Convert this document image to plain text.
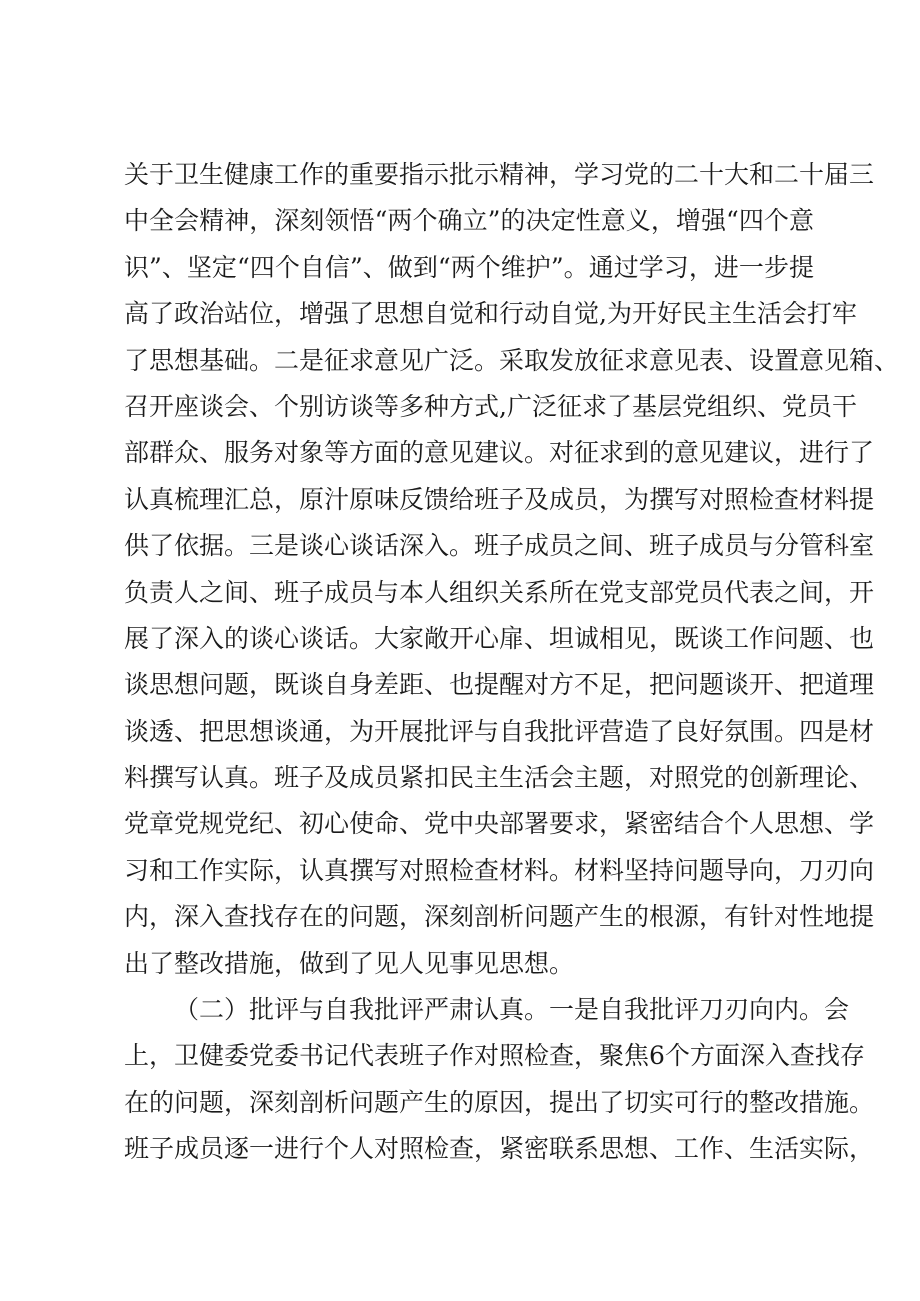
关于卫生健康工作的重要指示批示精神，学习党的二十大和二十届三
中全会精神，深刻领悟“两个确立”的决定性意义，增强“四个意
识”、坚定“四个自信”、做到“两个维护”。通过学习，进一步提
高了政治站位，增强了思想自觉和行动自觉,为开好民主生活会打牢
了思想基础。二是征求意见广泛。采取发放征求意见表、设置意见箱、
召开座谈会、个别访谈等多种方式,广泛征求了基层党组织、党员干
部群众、服务对象等方面的意见建议。对征求到的意见建议，进行了
认真梳理汇总，原汁原味反馈给班子及成员，为撰写对照检查材料提
供了依据。三是谈心谈话深入。班子成员之间、班子成员与分管科室
负责人之间、班子成员与本人组织关系所在党支部党员代表之间，开
展了深入的谈心谈话。大家敞开心扉、坦诚相见，既谈工作问题、也
谈思想问题，既谈自身差距、也提醒对方不足，把问题谈开、把道理
谈透、把思想谈通，为开展批评与自我批评营造了良好氛围。四是材
料撰写认真。班子及成员紧扣民主生活会主题，对照党的创新理论、
党章党规党纪、初心使命、党中央部署要求，紧密结合个人思想、学
习和工作实际，认真撰写对照检查材料。材料坚持问题导向，刀刃向
内，深入查找存在的问题，深刻剖析问题产生的根源，有针对性地提
出了整改措施，做到了见人见事见思想。
（二）批评与自我批评严肃认真。一是自我批评刀刃向内。会
上，卫健委党委书记代表班子作对照检查，聚焦6个方面深入查找存
在的问题，深刻剖析问题产生的原因，提出了切实可行的整改措施。
班子成员逐一进行个人对照检查，紧密联系思想、工作、生活实际，
